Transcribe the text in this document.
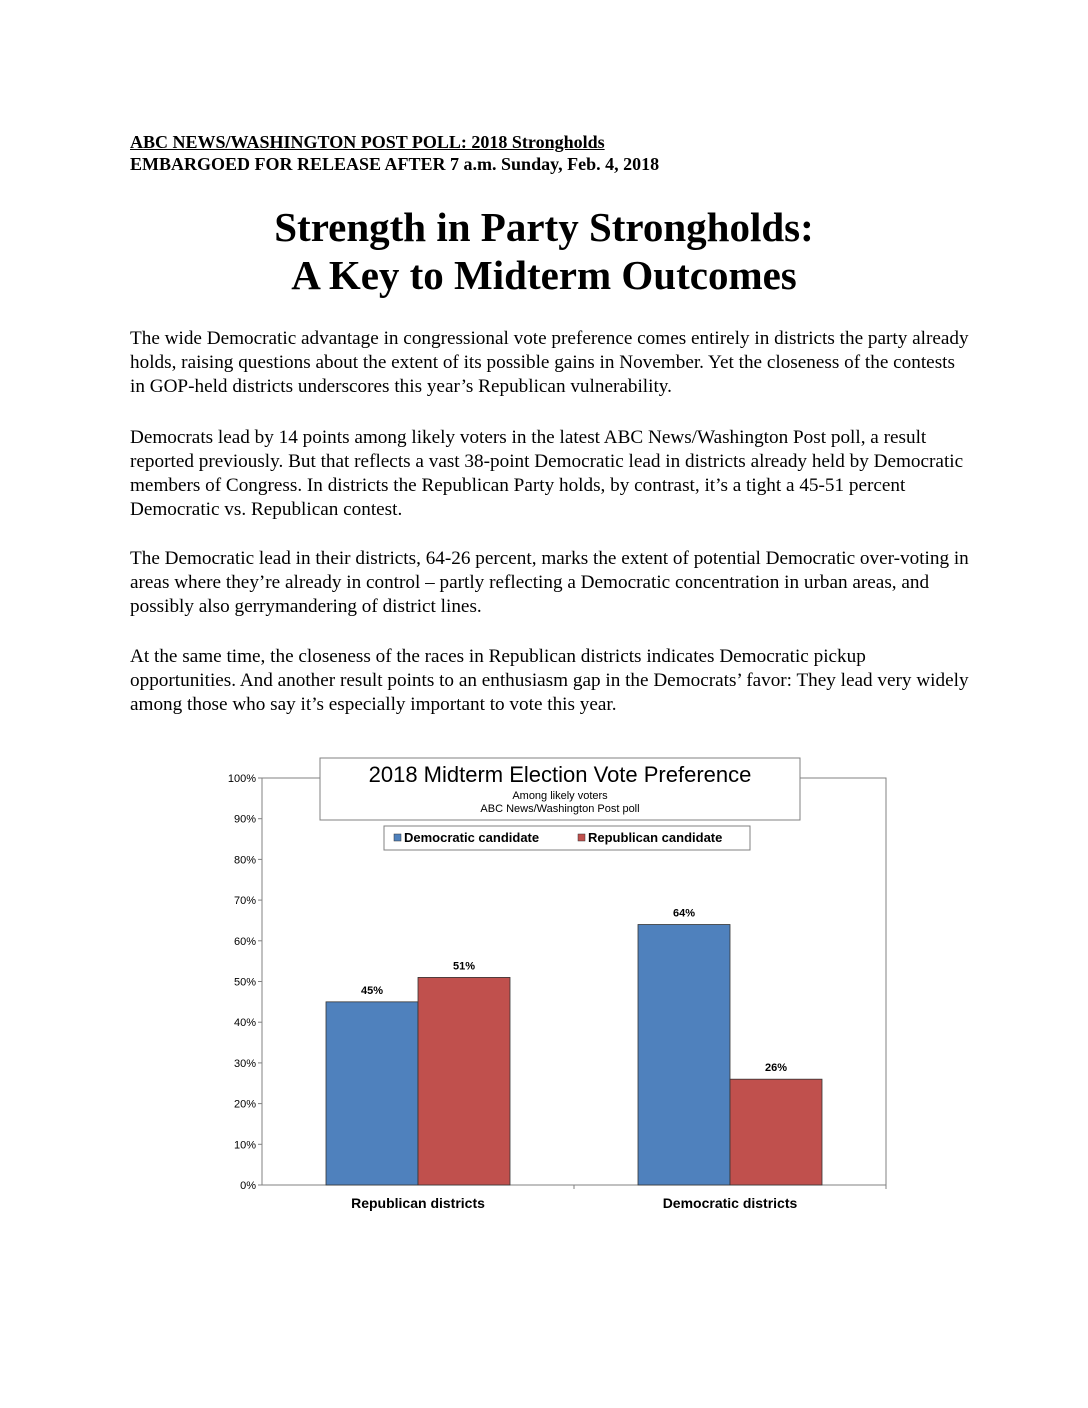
ABC NEWS/WASHINGTON POST POLL: 2018 Strongholds
EMBARGOED FOR RELEASE AFTER 7 a.m. Sunday, Feb. 4, 2018
Strength in Party Strongholds:
A Key to Midterm Outcomes

The wide Democratic advantage in congressional vote preference comes entirely in districts the party already holds, raising questions about the extent of its possible gains in November. Yet the closeness of the contests in GOP-held districts underscores this year’s Republican vulnerability.

Democrats lead by 14 points among likely voters in the latest ABC News/Washington Post poll, a result reported previously. But that reflects a vast 38-point Democratic lead in districts already held by Democratic members of Congress. In districts the Republican Party holds, by contrast, it’s a tight a 45-51 percent Democratic vs. Republican contest.

The Democratic lead in their districts, 64-26 percent, marks the extent of potential Democratic over-voting in areas where they’re already in control – partly reflecting a Democratic concentration in urban areas, and possibly also gerrymandering of district lines.

At the same time, the closeness of the races in Republican districts indicates Democratic pickup opportunities. And another result points to an enthusiasm gap in the Democrats’ favor: They lead very widely among those who say it’s especially important to vote this year.

0%
10%
20%
30%
40%
50%
60%
70%
80%
90%
100%
45%
51%
Republican districts
64%
26%
Democratic districts
2018 Midterm Election Vote Preference
Among likely voters
ABC News/Washington Post poll
Democratic candidate	Republican candidate
